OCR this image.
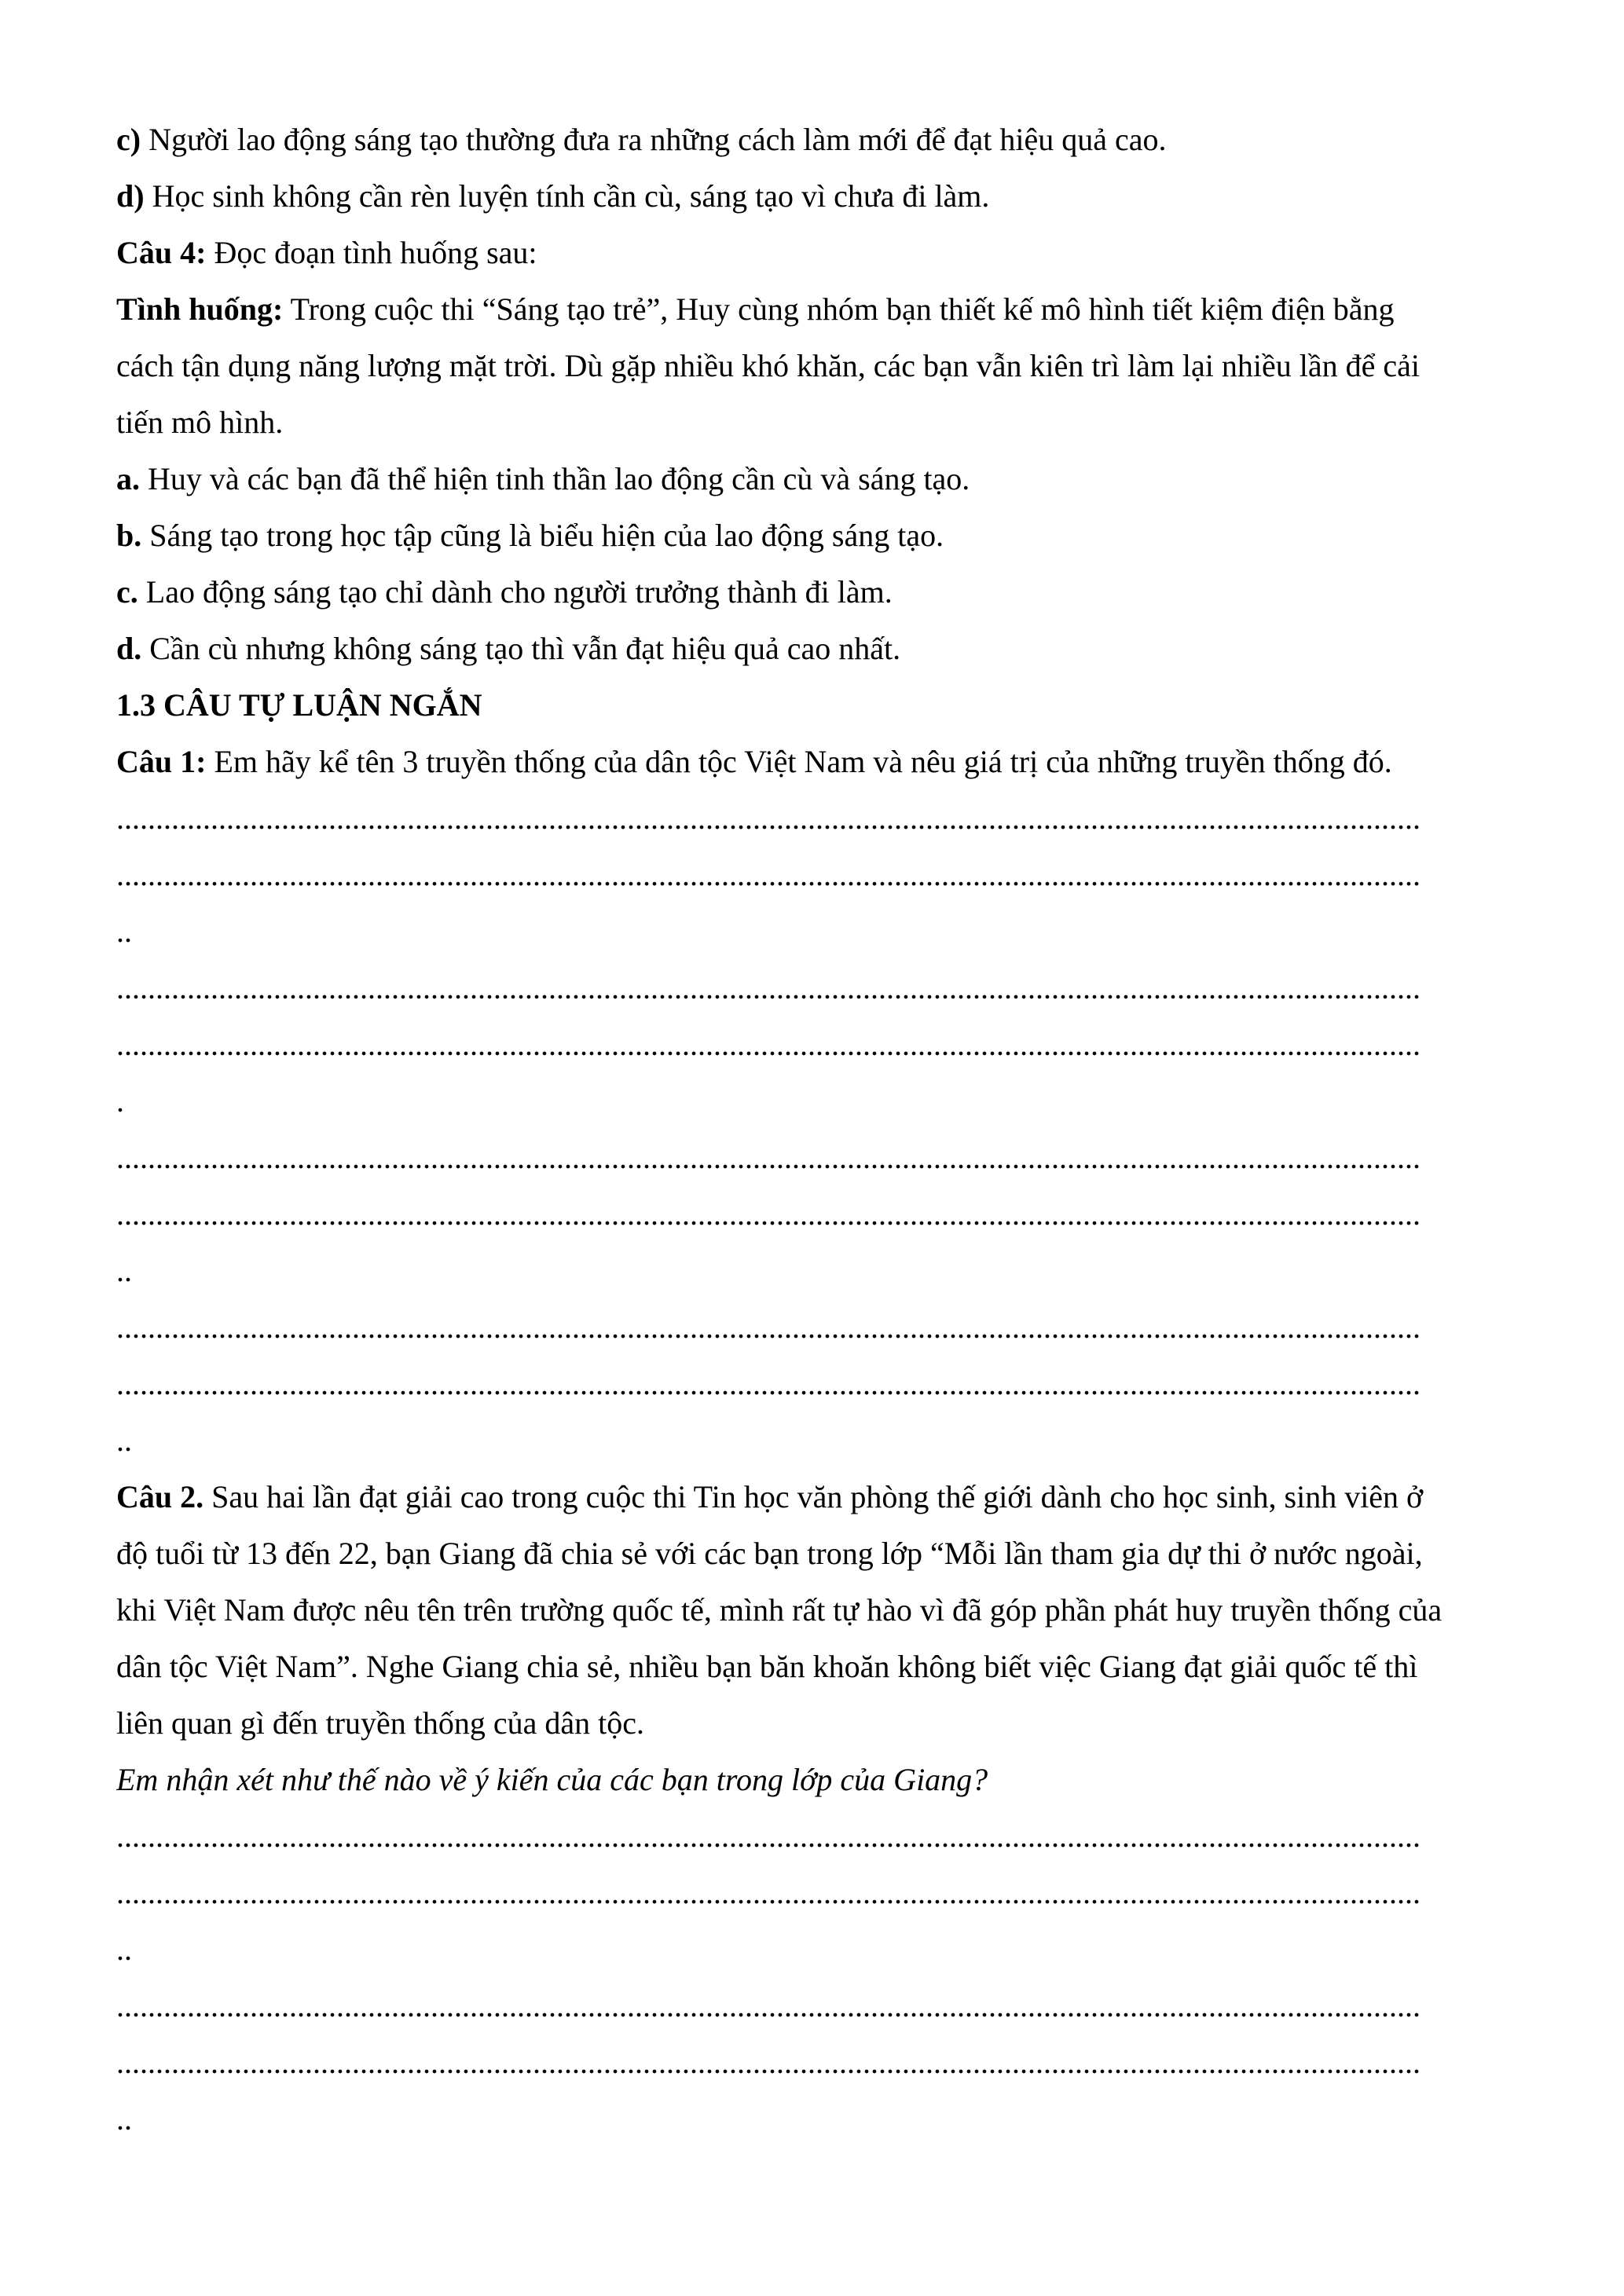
c) Người lao động sáng tạo thường đưa ra những cách làm mới để đạt hiệu quả cao.
d) Học sinh không cần rèn luyện tính cần cù, sáng tạo vì chưa đi làm.
Câu 4: Đọc đoạn tình huống sau:
Tình huống: Trong cuộc thi “Sáng tạo trẻ”, Huy cùng nhóm bạn thiết kế mô hình tiết kiệm điện bằng
cách tận dụng năng lượng mặt trời. Dù gặp nhiều khó khăn, các bạn vẫn kiên trì làm lại nhiều lần để cải
tiến mô hình.
a. Huy và các bạn đã thể hiện tinh thần lao động cần cù và sáng tạo.
b. Sáng tạo trong học tập cũng là biểu hiện của lao động sáng tạo.
c. Lao động sáng tạo chỉ dành cho người trưởng thành đi làm.
d. Cần cù nhưng không sáng tạo thì vẫn đạt hiệu quả cao nhất.
1.3 CÂU TỰ LUẬN NGẮN
Câu 1: Em hãy kể tên 3 truyền thống của dân tộc Việt Nam và nêu giá trị của những truyền thống đó.
......................................................................................................................................................................
......................................................................................................................................................................
..
......................................................................................................................................................................
......................................................................................................................................................................
.
......................................................................................................................................................................
......................................................................................................................................................................
..
......................................................................................................................................................................
......................................................................................................................................................................
..
Câu 2. Sau hai lần đạt giải cao trong cuộc thi Tin học văn phòng thế giới dành cho học sinh, sinh viên ở
độ tuổi từ 13 đến 22, bạn Giang đã chia sẻ với các bạn trong lớp “Mỗi lần tham gia dự thi ở nước ngoài,
khi Việt Nam được nêu tên trên trường quốc tế, mình rất tự hào vì đã góp phần phát huy truyền thống của
dân tộc Việt Nam”. Nghe Giang chia sẻ, nhiều bạn băn khoăn không biết việc Giang đạt giải quốc tế thì
liên quan gì đến truyền thống của dân tộc.
Em nhận xét như thế nào về ý kiến của các bạn trong lớp của Giang?
......................................................................................................................................................................
......................................................................................................................................................................
..
......................................................................................................................................................................
......................................................................................................................................................................
..
